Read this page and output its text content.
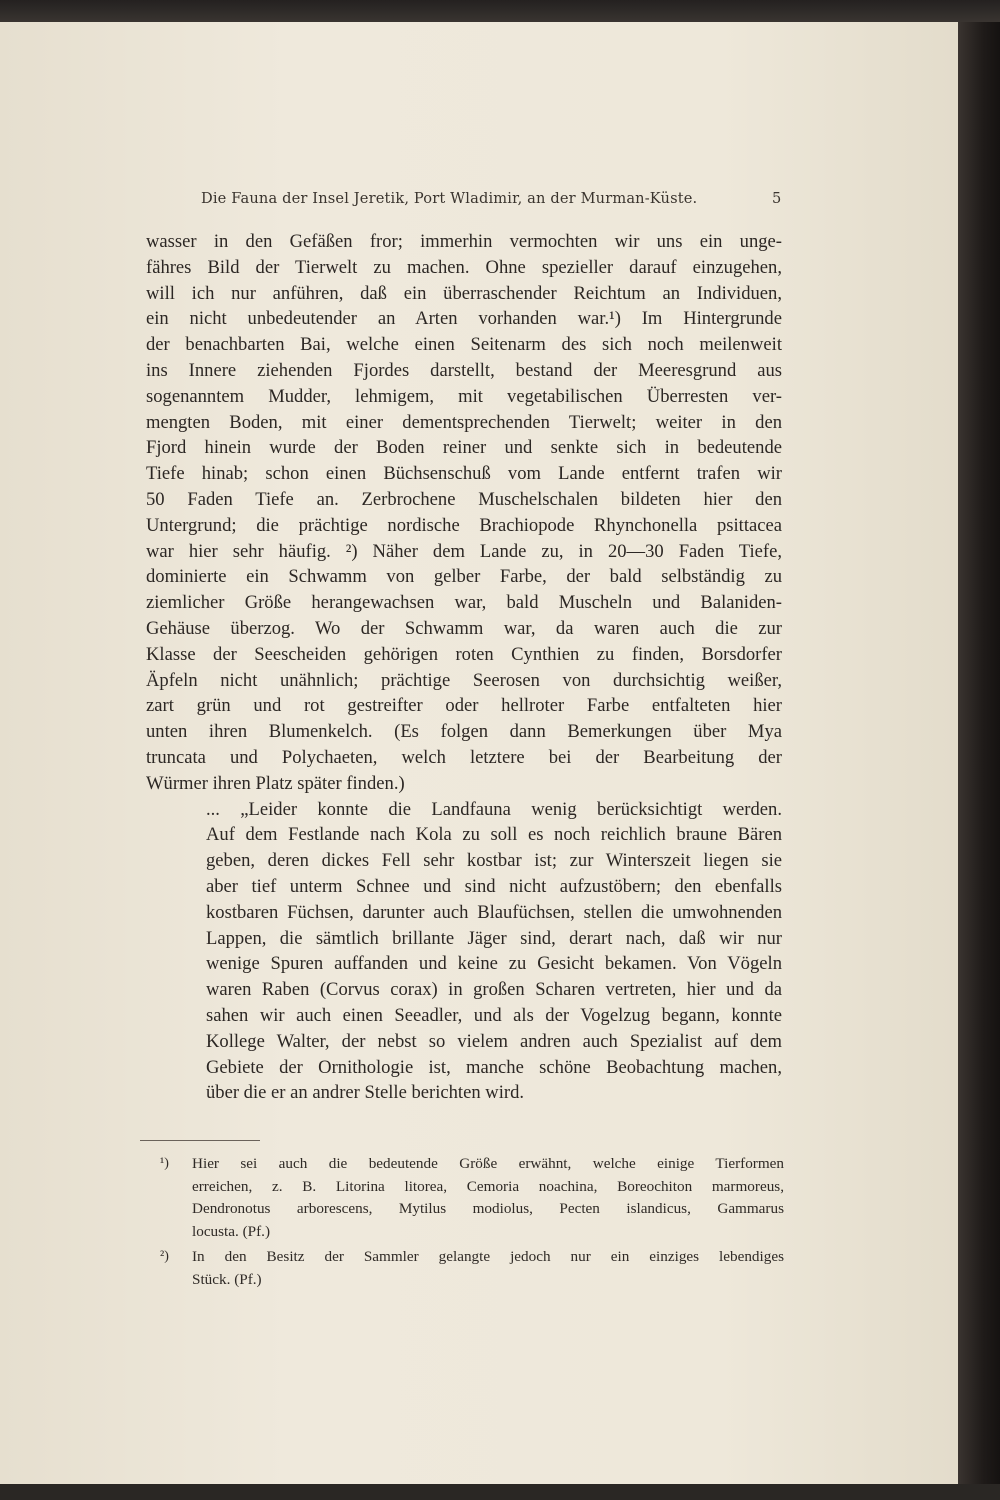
Die Fauna der Insel Jeretik, Port Wladimir, an der Murman-Küste.	5

wasser in den Gefäßen fror; immerhin vermochten wir uns ein unge-
fähres Bild der Tierwelt zu machen. Ohne spezieller darauf einzugehen,
will ich nur anführen, daß ein überraschender Reichtum an Individuen,
ein nicht unbedeutender an Arten vorhanden war.¹) Im Hintergrunde
der benachbarten Bai, welche einen Seitenarm des sich noch meilenweit
ins Innere ziehenden Fjordes darstellt, bestand der Meeresgrund aus
sogenanntem Mudder, lehmigem, mit vegetabilischen Überresten ver-
mengten Boden, mit einer dementsprechenden Tierwelt; weiter in den
Fjord hinein wurde der Boden reiner und senkte sich in bedeutende
Tiefe hinab; schon einen Büchsenschuß vom Lande entfernt trafen wir
50 Faden Tiefe an. Zerbrochene Muschelschalen bildeten hier den
Untergrund; die prächtige nordische Brachiopode Rhynchonella psittacea
war hier sehr häufig. ²) Näher dem Lande zu, in 20—30 Faden Tiefe,
dominierte ein Schwamm von gelber Farbe, der bald selbständig zu
ziemlicher Größe herangewachsen war, bald Muscheln und Balaniden-
Gehäuse überzog. Wo der Schwamm war, da waren auch die zur
Klasse der Seescheiden gehörigen roten Cynthien zu finden, Borsdorfer
Äpfeln nicht unähnlich; prächtige Seerosen von durchsichtig weißer,
zart grün und rot gestreifter oder hellroter Farbe entfalteten hier
unten ihren Blumenkelch. (Es folgen dann Bemerkungen über Mya
truncata und Polychaeten, welch letztere bei der Bearbeitung der
Würmer ihren Platz später finden.)

... „Leider konnte die Landfauna wenig berücksichtigt werden.
Auf dem Festlande nach Kola zu soll es noch reichlich braune Bären
geben, deren dickes Fell sehr kostbar ist; zur Winterszeit liegen sie
aber tief unterm Schnee und sind nicht aufzustöbern; den ebenfalls
kostbaren Füchsen, darunter auch Blaufüchsen, stellen die umwohnenden
Lappen, die sämtlich brillante Jäger sind, derart nach, daß wir nur
wenige Spuren auffanden und keine zu Gesicht bekamen. Von Vögeln
waren Raben (Corvus corax) in großen Scharen vertreten, hier und da
sahen wir auch einen Seeadler, und als der Vogelzug begann, konnte
Kollege Walter, der nebst so vielem andren auch Spezialist auf dem
Gebiete der Ornithologie ist, manche schöne Beobachtung machen,
über die er an andrer Stelle berichten wird.

¹) Hier sei auch die bedeutende Größe erwähnt, welche einige Tierformen
erreichen, z. B. Litorina litorea, Cemoria noachina, Boreochiton marmoreus,
Dendronotus arborescens, Mytilus modiolus, Pecten islandicus, Gammarus
locusta. (Pf.)
²) In den Besitz der Sammler gelangte jedoch nur ein einziges lebendiges
Stück. (Pf.)
